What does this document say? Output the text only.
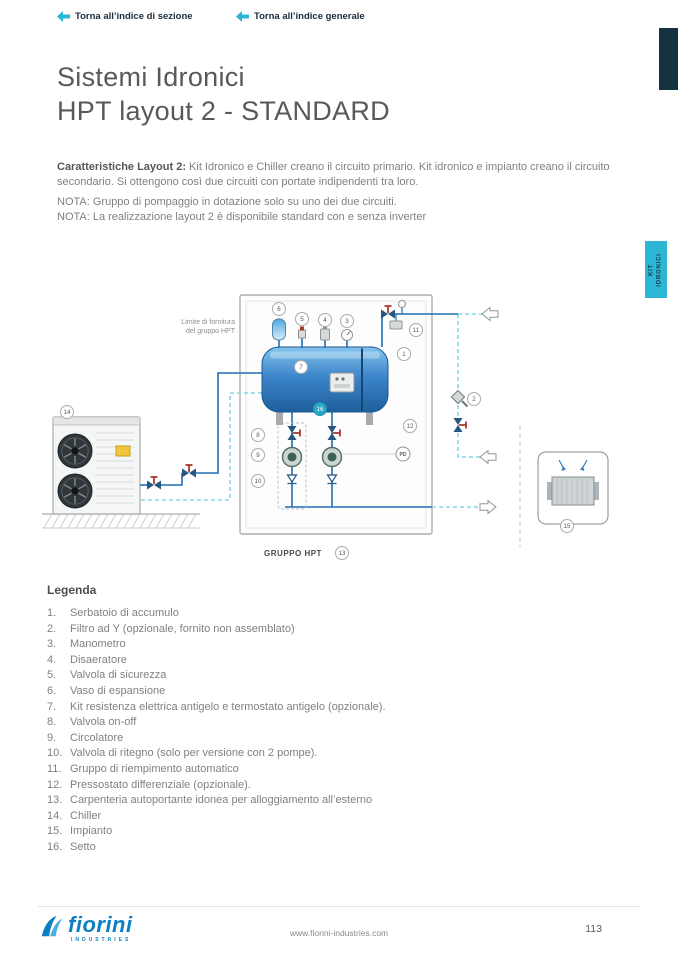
Torna all’indice di sezione	Torna all’indice generale
KIT IDRONICI
Sistemi Idronici
HPT layout 2 - STANDARD

Caratteristiche Layout 2: Kit Idronico e Chiller creano il circuito primario. Kit idronico e impianto creano il circuito secondario. Si ottengono così due circuiti con portate indipendenti tra loro.

NOTA: Gruppo di pompaggio in dotazione solo su uno dei due circuiti.
NOTA: La realizzazione layout 2 è disponibile standard con e senza inverter
PD
Limite di fornitura
del gruppo HPT
GRUPPO HPT
1
2
3
4
5
6
7
8
9
10
11
12
13
14
15
16
Legenda
1.	Serbatoio di accumulo
2.	Filtro ad Y (opzionale, fornito non assemblato)
3.	Manometro
4.	Disaeratore
5.	Valvola di sicurezza
6.	Vaso di espansione
7.	Kit resistenza elettrica antigelo e termostato antigelo (opzionale).
8.	Valvola on-off
9.	Circolatore
10. Valvola di ritegno (solo per versione con 2 pompe).
11. Gruppo di riempimento automatico
12. Pressostato differenziale (opzionale).
13. Carpenteria autoportante idonea per alloggiamento all’esterno
14. Chiller
15. Impianto
16. Setto
fiorini
INDUSTRIES
www.fiorini-industries.com	113
